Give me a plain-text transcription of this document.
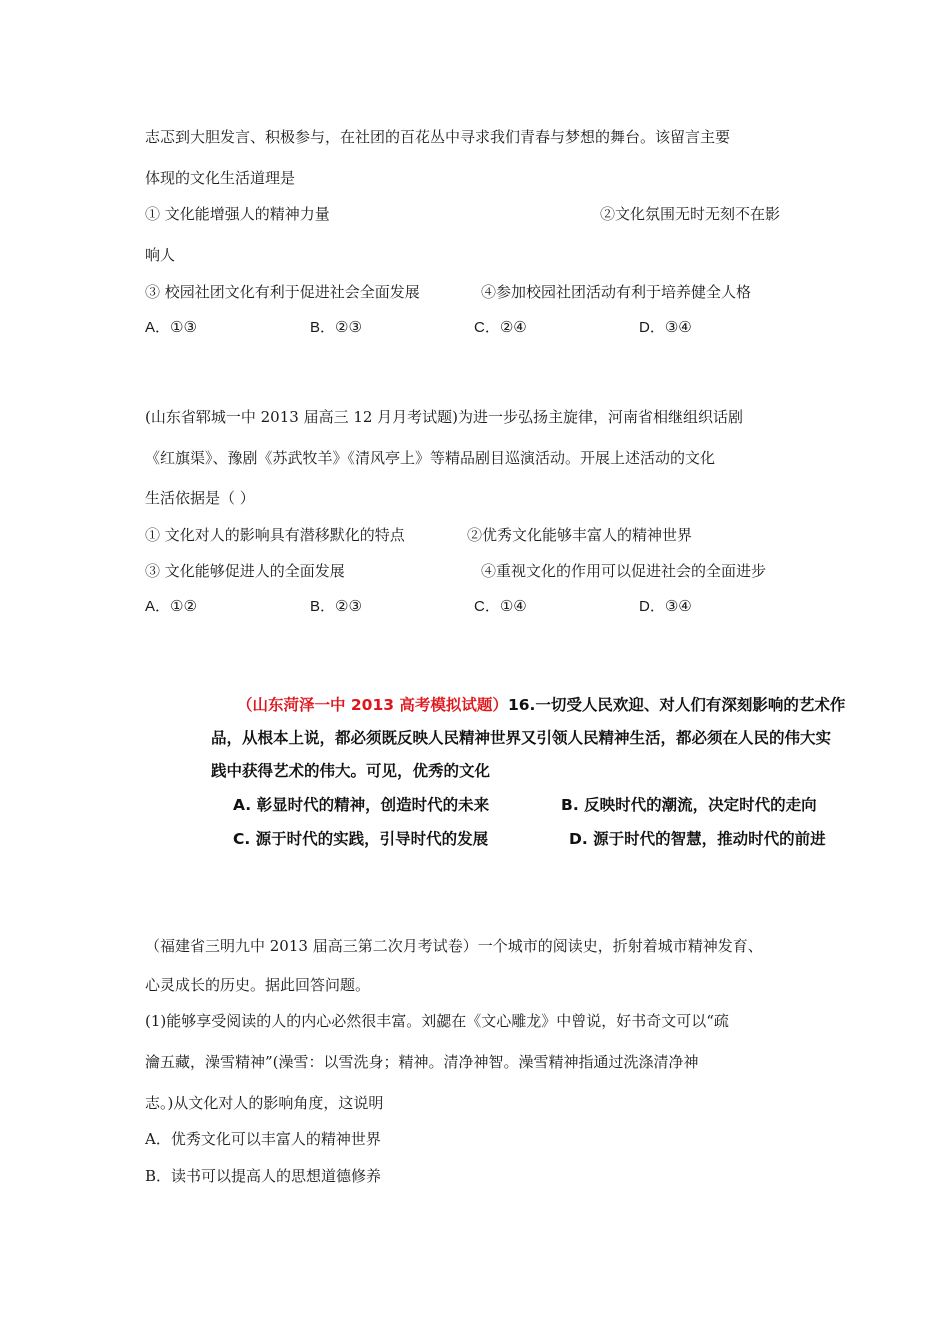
志忑到大胆发言、积极参与，在社团的百花丛中寻求我们青春与梦想的舞台。该留言主要
体现的文化生活道理是
① 文化能增强人的精神力量	②文化氛围无时无刻不在影
响人
③ 校园社团文化有利于促进社会全面发展	④参加校园社团活动有利于培养健全人格
A．①③	B．②③	C．②④	D．③④
(山东省郓城一中 2013 届高三 12 月月考试题)为进一步弘扬主旋律，河南省相继组织话剧
《红旗渠》、豫剧《苏武牧羊》《清风亭上》等精品剧目巡演活动。开展上述活动的文化
生活依据是（ ）
① 文化对人的影响具有潜移默化的特点	②优秀文化能够丰富人的精神世界
③ 文化能够促进人的全面发展	④重视文化的作用可以促进社会的全面进步
A．①②	B．②③	C．①④	D．③④
（山东菏泽一中 2013 高考模拟试题）16.一切受人民欢迎、对人们有深刻影响的艺术作
品，从根本上说，都必须既反映人民精神世界又引领人民精神生活，都必须在人民的伟大实
践中获得艺术的伟大。可见，优秀的文化
A. 彰显时代的精神，创造时代的未来	B. 反映时代的潮流，决定时代的走向
C. 源于时代的实践，引导时代的发展	D. 源于时代的智慧，推动时代的前进
（福建省三明九中 2013 届高三第二次月考试卷）一个城市的阅读史，折射着城市精神发育、
心灵成长的历史。据此回答问题。
(1)能够享受阅读的人的内心必然很丰富。刘勰在《文心雕龙》中曾说，好书奇文可以“疏
瀹五藏，澡雪精神”(澡雪：以雪洗身；精神。清净神智。澡雪精神指通过洗涤清净神
志。)从文化对人的影响角度，这说明
A．优秀文化可以丰富人的精神世界
B．读书可以提高人的思想道德修养
